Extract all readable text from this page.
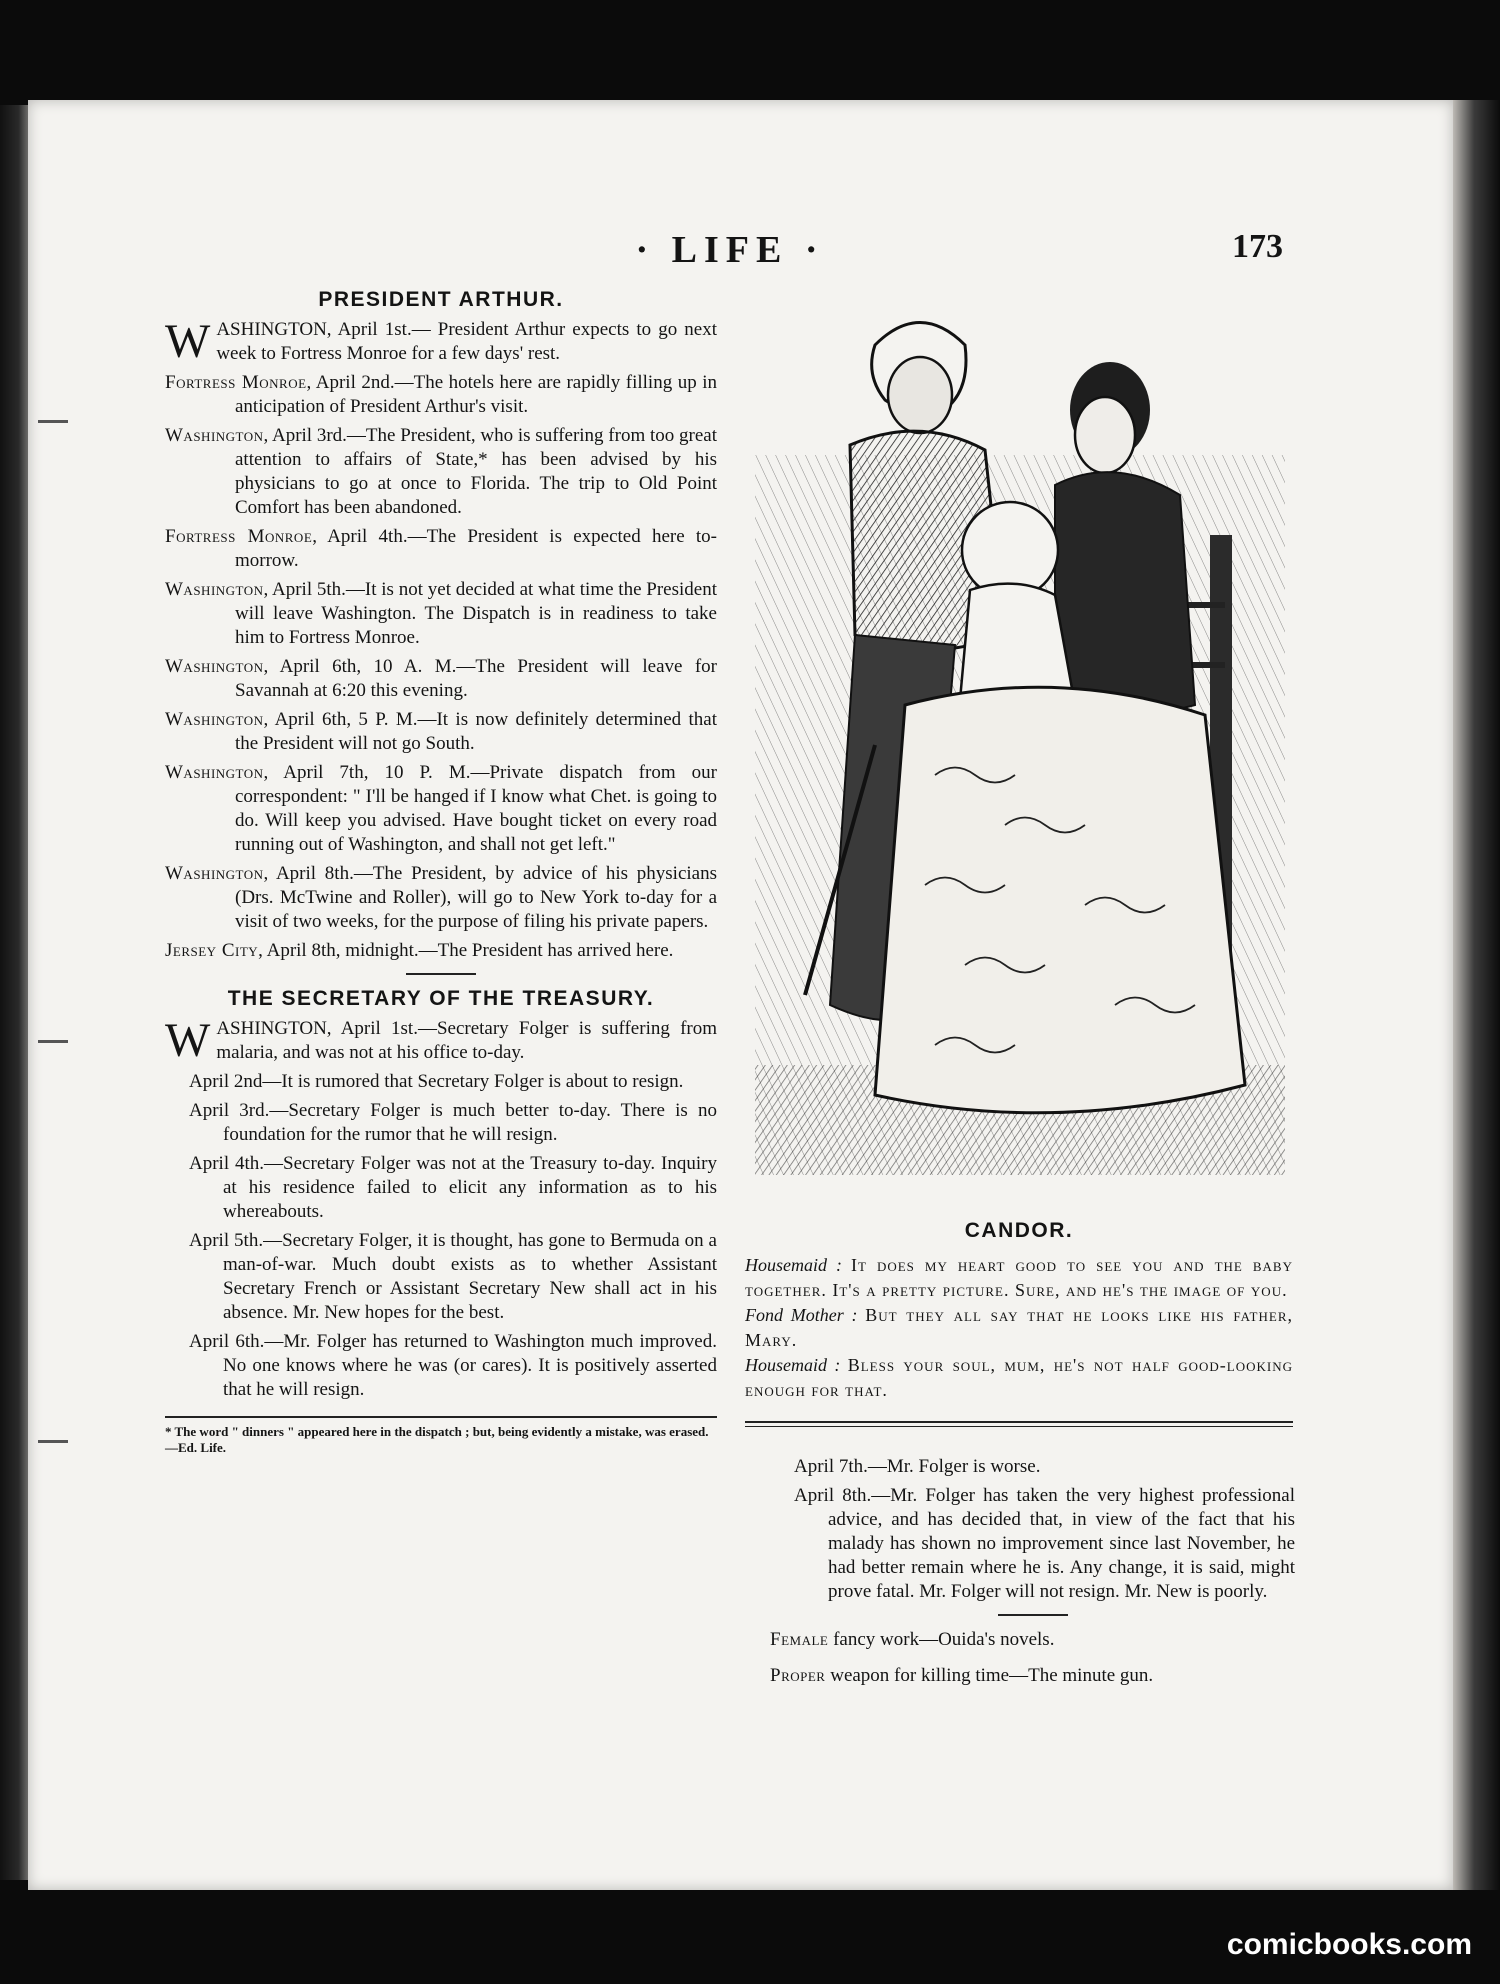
· LIFE ·	173
PRESIDENT ARTHUR.

WASHINGTON, April 1st.— President Arthur expects to go next week to Fortress Monroe for a few days' rest.

Fortress Monroe, April 2nd.—The hotels here are rapidly filling up in anticipation of President Arthur's visit.

Washington, April 3rd.—The President, who is suffering from too great attention to affairs of State,* has been advised by his physicians to go at once to Florida. The trip to Old Point Comfort has been abandoned.

Fortress Monroe, April 4th.—The President is expected here to-morrow.

Washington, April 5th.—It is not yet decided at what time the President will leave Washington. The Dispatch is in readiness to take him to Fortress Monroe.

Washington, April 6th, 10 A. M.—The President will leave for Savannah at 6:20 this evening.

Washington, April 6th, 5 P. M.—It is now definitely determined that the President will not go South.

Washington, April 7th, 10 P. M.—Private dispatch from our correspondent: " I'll be hanged if I know what Chet. is going to do. Will keep you advised. Have bought ticket on every road running out of Washington, and shall not get left."

Washington, April 8th.—The President, by advice of his physicians (Drs. McTwine and Roller), will go to New York to-day for a visit of two weeks, for the purpose of filing his private papers.

Jersey City, April 8th, midnight.—The President has arrived here.

THE SECRETARY OF THE TREASURY.

WASHINGTON, April 1st.—Secretary Folger is suffering from malaria, and was not at his office to-day.

April 2nd—It is rumored that Secretary Folger is about to resign.

April 3rd.—Secretary Folger is much better to-day. There is no foundation for the rumor that he will resign.

April 4th.—Secretary Folger was not at the Treasury to-day. Inquiry at his residence failed to elicit any information as to his whereabouts.

April 5th.—Secretary Folger, it is thought, has gone to Bermuda on a man-of-war. Much doubt exists as to whether Assistant Secretary French or Assistant Secretary New shall act in his absence. Mr. New hopes for the best.

April 6th.—Mr. Folger has returned to Washington much improved. No one knows where he was (or cares). It is positively asserted that he will resign.

* The word " dinners " appeared here in the dispatch ; but, being evidently a mistake, was erased.—Ed. Life.
CANDOR.

Housemaid : It does my heart good to see you and the baby together. It's a pretty picture. Sure, and he's the image of you.

Fond Mother : But they all say that he looks like his father, Mary.

Housemaid : Bless your soul, mum, he's not half good-looking enough for that.

April 7th.—Mr. Folger is worse.

April 8th.—Mr. Folger has taken the very highest professional advice, and has decided that, in view of the fact that his malady has shown no improvement since last November, he had better remain where he is. Any change, it is said, might prove fatal. Mr. Folger will not resign. Mr. New is poorly.

Female fancy work—Ouida's novels.

Proper weapon for killing time—The minute gun.

comicbooks.com
